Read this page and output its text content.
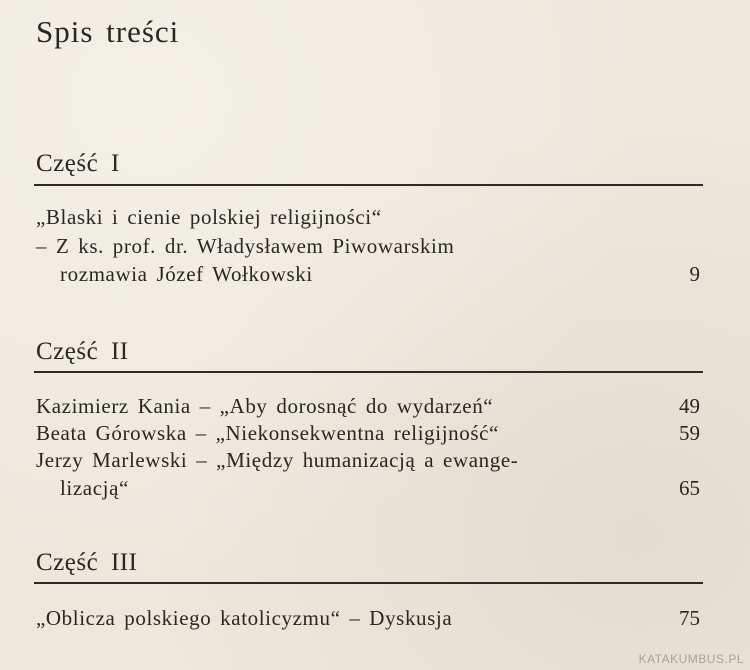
Spis treści
Część I
„Blaski i cienie polskiej religijności“
– Z ks. prof. dr. Władysławem Piwowarskim
rozmawia Józef Wołkowski	9
Część II
Kazimierz Kania – „Aby dorosnąć do wydarzeń“	49
Beata Górowska – „Niekonsekwentna religijność“	59
Jerzy Marlewski – „Między humanizacją a ewange-
lizacją“	65
Część III
„Oblicza polskiego katolicyzmu“ – Dyskusja	75
KATAKUMBUS.PL
